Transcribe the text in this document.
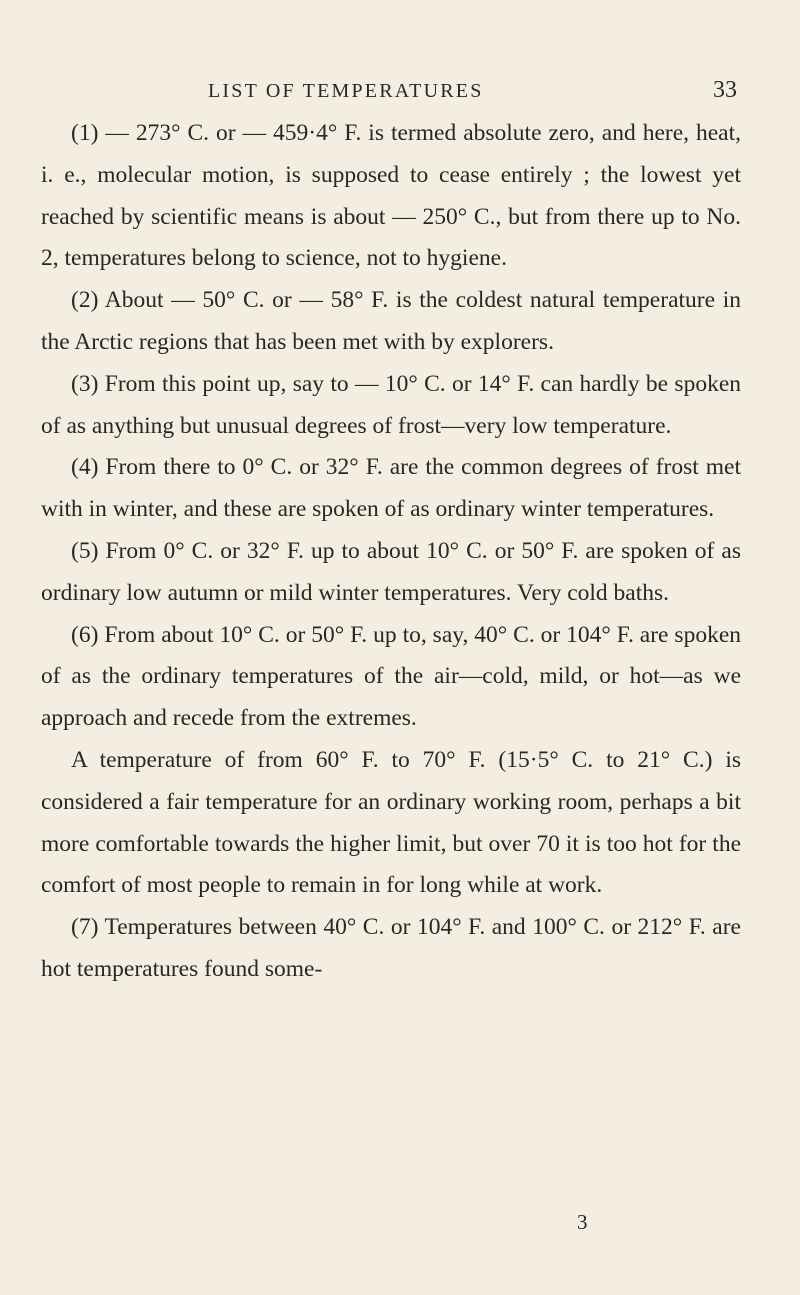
LIST OF TEMPERATURES	33

(1) — 273° C. or — 459·4° F. is termed absolute zero, and here, heat, i. e., molecular motion, is supposed to cease entirely ; the lowest yet reached by scientific means is about — 250° C., but from there up to No. 2, temperatures belong to science, not to hygiene.

(2) About — 50° C. or — 58° F. is the coldest natural temperature in the Arctic regions that has been met with by explorers.

(3) From this point up, say to — 10° C. or 14° F. can hardly be spoken of as anything but unusual degrees of frost—very low temperature.

(4) From there to 0° C. or 32° F. are the common degrees of frost met with in winter, and these are spoken of as ordinary winter temperatures.

(5) From 0° C. or 32° F. up to about 10° C. or 50° F. are spoken of as ordinary low autumn or mild winter temperatures. Very cold baths.

(6) From about 10° C. or 50° F. up to, say, 40° C. or 104° F. are spoken of as the ordinary temperatures of the air—cold, mild, or hot—as we approach and recede from the extremes.

A temperature of from 60° F. to 70° F. (15·5° C. to 21° C.) is considered a fair temperature for an ordinary working room, perhaps a bit more comfortable towards the higher limit, but over 70 it is too hot for the comfort of most people to remain in for long while at work.

(7) Temperatures between 40° C. or 104° F. and 100° C. or 212° F. are hot temperatures found some-

3
